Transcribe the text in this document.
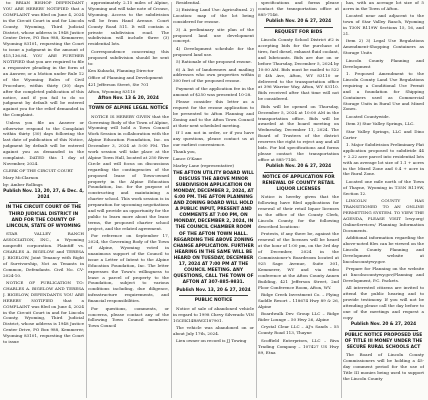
to: BRIAN BISHOP DEFENDANT YOU ARE HEREBY NOTIFIED that a COMPLAINT was filed on June 4, 2024 in the Circuit Court in and for Lincoln County, Wyoming, Third Judicial District, whose address is 1948 Justice Center Drive, PO Box 988, Kemmerer, Wyoming 83101, requesting the Court to issue a judgment in the amount of $15,136.84. YOU ARE FURTHER NOTIFIED that you are required to file a responsive pleading in the form of an Answer, or a Motion under Rule 12 of the Wyoming Rules of Civil Procedure, within thirty (30) days after the completed publication of this notice, and if you fail to do so judgment by default will be entered against you for the relief demanded in the Complaint.

Unless you file an Answer or otherwise respond to the Complaint within thirty (30) days following the last date of publication of this Notice, judgment by default will be entered against you as demanded in the complaint. DATED this 1 day of November, 2024.

CLERK OF THE CIRCUIT COURT

Mary McClarnon

by: Amber Rollings

Publish Nov. 13, 20, 27, & Dec. 4, 2024

IN THE CIRCUIT COURT OF THE THIRD JUDICIAL DISTRICT IN AND FOR THE COUNTY OF LINCOLN, STATE OF WYOMING

STAR VALLEY RANCH ASSOCIATION, INC., a Wyoming nonprofit corporation. Plaintiff vs. CHARLES A. BIGELOW and TERESA J. BIGELOW, Joint Tenancy with Right of Survivorship, Not as Tenants in Common, Defendants. Civil No. CV-2024-10.

NOTICE OF PUBLICATION TO: CHARLES A. BIGELOW AND TERESA J. BIGELOW, DEFENDANTS YOU ARE HEREBY NOTIFIED that a COMPLAINT was filed on June 4, 2024 in the Circuit Court in and for Lincoln County, Wyoming, Third Judicial District, whose address is 1948 Justice Center Drive, PO Box 988, Kemmerer, Wyoming 83101, requesting the Court to issue

approximately 2.15 miles of Alpine, Wyoming and will take note of Crouse, Wyoming. Access to the subdivision will be from Hand Avenue. Court County Road 511. It will contain a private subdivision road. The subdivision will include three (3) residential lots.

Correspondence concerning this proposed subdivision should be sent to:

Ken Kubacki, Planning Director

Office of Planning and Development

421 Jefferson Street, Ste 701

Afton, Wyoming 83110

Afton Nov. 13 & 20, 2024

TOWN OF ALPINE LEGAL NOTICE

NOTICE IS HEREBY GIVEN that the Governing Body of the Town of Alpine, Wyoming will hold a Town Council Work Session in collaboration with the Alpine Education Foundation, Inc. on December 3, 2024 at 5:00 PM. The work session will take place at the Alpine Town Hall, located at 250 River Circle and will focus on discussions regarding the contingencies of the proposed lease of Town-owned property in the Alpine Education Foundation, Inc. for the purpose of constructing and maintaining a charter school. This work session is in preparation for upcoming negotiations and will provide an opportunity for the public to learn more about the lease terms, the proposed charter school project, and the related agreement.

For reference on September 17, 2024, the Governing Body of the Town of Alpine, Wyoming voted in unanimous support of the Council to issue a Letter of Intent to the Alpine Education Foundation, Inc. The letter expresses the Town's willingness to lease a parcel of property to the Foundation, subject to various conditions including, due diligence, infrastructure requirements, and financial responsibilities.

For questions, comments, or concerns, please contact any of the following Town Council members: Town Council

Residential.

2) Existing Land Use: Agricultural. 2) Location: map of the lot being considered for rezone.

3) A preliminary site plan of the proposed land use development concept.

4) Development schedule for the proposed land use.

5) Rationale of the proposed rezone.

6) A list of landowners and mailing addresses who own properties within 300 feet of the proposed rezone.

Payment of the application fee in the amount of $250 was presented 10-28.

Please consider this letter as a request for the rezone application to be presented to Afton Planning and Zoning and to the Afton Town Council at their next scheduled meeting.

If I am not in order, or if you have any questions, please contact us at our earliest convenience.

Thank you,

Lance O'Kane

Marley Lane (representative)

THE AFTON UTILITY BOARD WILL DISCUSS THE ABOVE MINOR SUBDIVISION APPLICATION ON MONDAY, DECEMBER 2, 2024, AT 6:00 PM. THE AFTON PLANNING AND ZONING BOARD WILL HOLD A PUBLIC INPUT, PRESENT AND COMMENTS AT 7:00 PM, ON MONDAY, DECEMBER 2, 2024, IN THE COUNCIL CHAMBER ROOM OF THE AFTON TOWN HALL. REGARDING THE ABOVE ZONING CHANGE APPLICATION. FURTHER HEARING IN THE SAME WILL BE HEARD ON TUESDAY, DECEMBER 17, 2024 AT 7:00 PM AT THE COUNCIL MEETING. ANY QUESTIONS, CALL THE TOWN OF AFTON AT 307-885-9831.

Publish Nov. 13, 20 & 27, 2024

PUBLIC NOTICE

Notice of sale of abandoned vehicle in regard to 1998 Chevy Silverado VIN 1GCEK14R8WZ187901.

The vehicle was abandoned on or about July 17th, 2024.

Lien owner on record is JJ Towing

specifications and forms please contact the transportation office at 885-7146.

Publish Nov. 20 & 27, 2024

REQUEST FOR BIDS

Lincoln County School District #2 is accepting bids for the purchase of tires, fuel diesel, exhaust fluid coolant, and lubricants. Bids are due on or before Thursday, December 5, 2024 by 10:00 AM. Bids must be mailed to 522 E 4th Ave, Afton, WY 83110 or delivered to the transportation office at 396 Warrior Way, Afton, WY 83110. Bids received after that time will not be considered.

Bids will be opened on Thursday, December 5, 2024 at 10:00 AM in the transportation office. Bids will be awarded at the board meeting on Wednesday, December 11, 2024. The Board of Trustees of the district reserves the right to reject any and all bids. For bid specifications and forms please contact the transportation office at 885-7146.

Publish Nov. 20 & 27, 2024

NOTICE OF APPLICATION FOR RENEWAL OF COUNTY RETAIL LIQUOR LICENSES

Notice is hereby given that the following have filed applications for renewal of their retail liquor licenses in the office of the County Clerk, Lincoln County, for the following described locations:

Protests, if any there be, against the renewal of the licenses will be heard at the hour of 1:00 pm, on the 3rd day of December, 2024 in the Commissioner's Boardroom located at 925 Sage Avenue, Suite 301, Kemmerer, WY and via video conference at the Afton County Annex Building, 421 Jefferson Street, 2nd Floor Conference Room, Afton, WY.

Ridge Creek Investment Co. – Flying Saddle Resort – 118674 Hwy 89 & 26, Alpine

Boardwalk Dev. Group LLC – Ridge Rider Lounge – 50 Hwy 26, Alpine

Crystal Clear LLC – AJ's Sands – 55 County Road 113, Thayne

Scoffield Enterprises, LLC – Riva Trading Company – 107427 US Hwy 89, Etna

has, with an acreage lot size of 5 acres in the Town of Afton.

Located near and adjacent to the town of Star Valley Ranch, Wyoming in T30N R119W Sections 15, 16, and 21.

Item 2) 3) Legal Use Regulations Amendment-Shopping Containers as Storage Units

Lincoln County Planning and Development

1. Proposed Amendment to the Lincoln County Land Use Regulations requiring a Conditional Use Permit and a foundation for Shipping Containers used as Commercial Storage Units in Rural Use and Mixed Zones.

Located Countywide.

Item 3) Star Valley Springs, LLC.

Star Valley Springs, LLC and Dino Carter

1. Major Subdivision Preliminary Plat application proposed to subdivide 44 + 2.22 acre parcel into residential lots with an average lot size of 1.1 + acres in the Mixed Zone and 0.4 + acre in the Rural Zone.

Located one mile north of the Town of Thayne, Wyoming in T35N R119W, Section 12.

LINCOLN COUNTY HAS TRANSITIONED TO AN ONLINE PERMITTING SYSTEM. TO VIEW THE AGENDA, PLEASE VISIT lcwy.org/ OnlineServices/ Planning Information Documents.

Additional information regarding the above-noted files can be viewed on the Lincoln County Planning and Development website at lincolncountywy.gov.

Prepare for Planning on the website at lincolncountywy.gov/Planning and Development, P.C. Packets.

All interested citizens are invited to attend the public hearing and to provide testimony. If you will not be attending please call the day before to one of the meetings and request a copy.

Publish Nov. 20 & 27, 2024

PUBLIC NOTICE PROPOSED USE OF TITLE III MONEY UNDER THE SECURE RURAL SCHOOLS ACT

The Board of Lincoln County Commissioners will be holding a 45-day comment period for the use of Title III monies being used to support the Lincoln County
